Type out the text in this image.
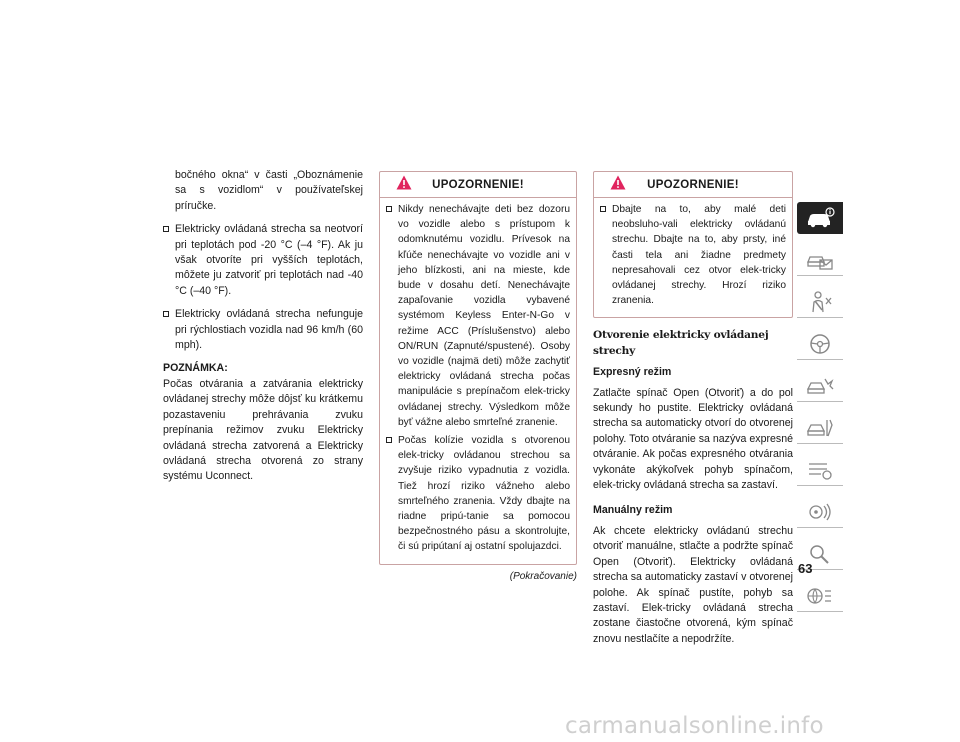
bočného okna“ v časti „Oboznámenie sa s vozidlom“ v používateľskej príručke.

Elektricky ovládaná strecha sa neotvorí pri teplotách pod -20 °C (–4 °F). Ak ju však otvoríte pri vyšších teplotách, môžete ju zatvoriť pri teplotách nad -40 °C (–40 °F).
Elektricky ovládaná strecha nefunguje pri rýchlostiach vozidla nad 96 km/h (60 mph).

POZNÁMKA:

Počas otvárania a zatvárania elektricky ovládanej strechy môže dôjsť ku krátkemu pozastaveniu prehrávania zvuku prepínania režimov zvuku Elektricky ovládaná strecha zatvorená a Elektricky ovládaná strecha otvorená zo strany systému Uconnect.

UPOZORNENIE!
Nikdy nenechávajte deti bez dozoru vo vozidle alebo s prístupom k odomknutému vozidlu. Prívesok na kľúče nenechávajte vo vozidle ani v jeho blízkosti, ani na mieste, kde bude v dosahu detí. Nenechávajte zapaľovanie vozidla vybavené systémom Keyless Enter-N-Go v režime ACC (Príslušenstvo) alebo ON/RUN (Zapnuté/spustené). Osoby vo vozidle (najmä deti) môže zachytiť elektricky ovládaná strecha počas manipulácie s prepínačom elek-tricky ovládanej strechy. Výsledkom môže byť vážne alebo smrteľné zranenie.
Počas kolízie vozidla s otvorenou elek-tricky ovládanou strechou sa zvyšuje riziko vypadnutia z vozidla. Tiež hrozí riziko vážneho alebo smrteľného zranenia. Vždy dbajte na riadne pripú-tanie sa pomocou bezpečnostného pásu a skontrolujte, či sú pripútaní aj ostatní spolujazdci.
(Pokračovanie)
UPOZORNENIE!
Dbajte na to, aby malé deti neobsluho-vali elektricky ovládanú strechu. Dbajte na to, aby prsty, iné časti tela ani žiadne predmety nepresahovali cez otvor elek-tricky ovládanej strechy. Hrozí riziko zranenia.
Otvorenie elektricky ovládanej strechy
Expresný režim

Zatlačte spínač Open (Otvoriť) a do pol sekundy ho pustite. Elektricky ovládaná strecha sa automaticky otvorí do otvorenej polohy. Toto otváranie sa nazýva expresné otváranie. Ak počas expresného otvárania vykonáte akýkoľvek pohyb spínačom, elek-tricky ovládaná strecha sa zastaví.

Manuálny režim

Ak chcete elektricky ovládanú strechu otvoriť manuálne, stlačte a podržte spínač Open (Otvoriť). Elektricky ovládaná strecha sa automaticky zastaví v otvorenej polohe. Ak spínač pustíte, pohyb sa zastaví. Elek-tricky ovládaná strecha zostane čiastočne otvorená, kým spínač znovu nestlačíte a nepodržíte.

63
carmanualsonline.info
